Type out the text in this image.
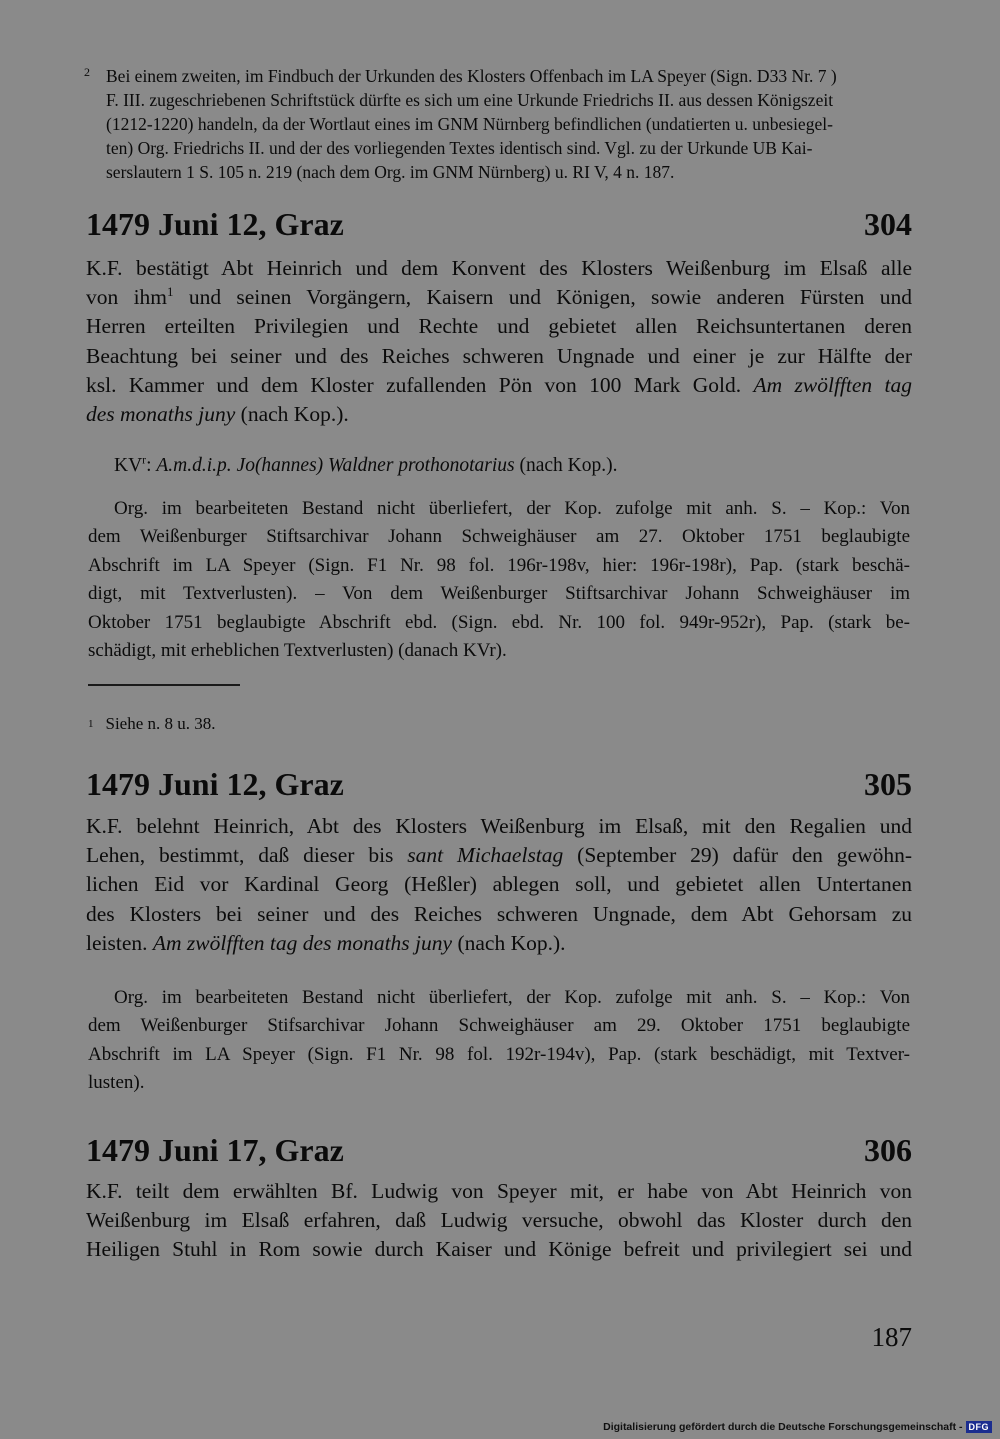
2 Bei einem zweiten, im Findbuch der Urkunden des Klosters Offenbach im LA Speyer (Sign. D33 Nr. 7 )
F. III. zugeschriebenen Schriftstück dürfte es sich um eine Urkunde Friedrichs II. aus dessen Königszeit
(1212-1220) handeln, da der Wortlaut eines im GNM Nürnberg befindlichen (undatierten u. unbesiegel-
ten) Org. Friedrichs II. und der des vorliegenden Textes identisch sind. Vgl. zu der Urkunde UB Kai-
serslautern 1 S. 105 n. 219 (nach dem Org. im GNM Nürnberg) u. RI V, 4 n. 187.
1479 Juni 12, Graz	304
K.F. bestätigt Abt Heinrich und dem Konvent des Klosters Weißenburg im Elsaß alle
von ihm$^1$ und seinen Vorgängern, Kaisern und Königen, sowie anderen Fürsten und
Herren erteilten Privilegien und Rechte und gebietet allen Reichsuntertanen deren
Beachtung bei seiner und des Reiches schweren Ungnade und einer je zur Hälfte der
ksl. Kammer und dem Kloster zufallenden Pön von 100 Mark Gold. Am zwölfften tag
des monaths juny (nach Kop.).
$KV^r$: A.m.d.i.p. Jo(hannes) Waldner prothonotarius (nach Kop.).
Org. im bearbeiteten Bestand nicht überliefert, der Kop. zufolge mit anh. S. – Kop.: Von
dem Weißenburger Stiftsarchivar Johann Schweighäuser am 27. Oktober 1751 beglaubigte
Abschrift im LA Speyer (Sign. F1 Nr. 98 fol. 196r-198v, hier: 196r-198r), Pap. (stark beschä-
digt, mit Textverlusten). – Von dem Weißenburger Stiftsarchivar Johann Schweighäuser im
Oktober 1751 beglaubigte Abschrift ebd. (Sign. ebd. Nr. 100 fol. 949r-952r), Pap. (stark be-
schädigt, mit erheblichen Textverlusten) (danach KVr).
$^1$ Siehe n. 8 u. 38.
1479 Juni 12, Graz	305
K.F. belehnt Heinrich, Abt des Klosters Weißenburg im Elsaß, mit den Regalien und
Lehen, bestimmt, daß dieser bis sant Michaelstag (September 29) dafür den gewöhn-
lichen Eid vor Kardinal Georg (Heßler) ablegen soll, und gebietet allen Untertanen
des Klosters bei seiner und des Reiches schweren Ungnade, dem Abt Gehorsam zu
leisten. Am zwölfften tag des monaths juny (nach Kop.).
Org. im bearbeiteten Bestand nicht überliefert, der Kop. zufolge mit anh. S. – Kop.: Von
dem Weißenburger Stifsarchivar Johann Schweighäuser am 29. Oktober 1751 beglaubigte
Abschrift im LA Speyer (Sign. F1 Nr. 98 fol. 192r-194v), Pap. (stark beschädigt, mit Textver-
lusten).
1479 Juni 17, Graz	306
K.F. teilt dem erwählten Bf. Ludwig von Speyer mit, er habe von Abt Heinrich von
Weißenburg im Elsaß erfahren, daß Ludwig versuche, obwohl das Kloster durch den
Heiligen Stuhl in Rom sowie durch Kaiser und Könige befreit und privilegiert sei und
187
Digitalisierung gefördert durch die Deutsche Forschungsgemeinschaft - DFG
